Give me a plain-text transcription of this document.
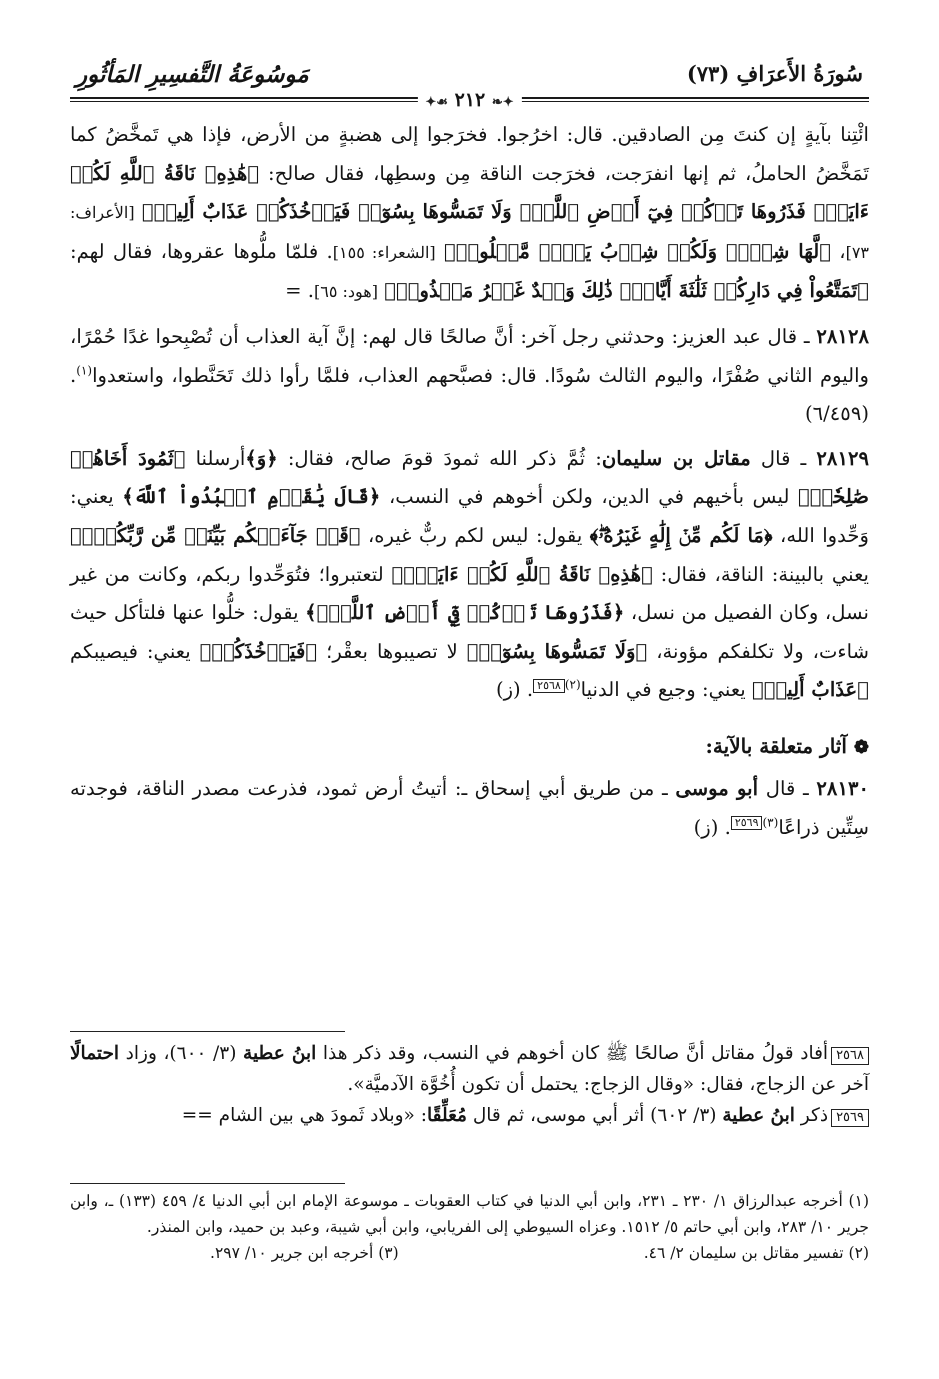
سُورَةُ الأَعرَافِ (٧٣)
مَوسُوعَةُ التَّفسِيرِ المَأثُورِ
✦❧ ٢١٢ ☙✦

ائْتِنا بآيةٍ إن كنتَ مِن الصادقين. قال: اخرُجوا. فخرَجوا إلى هضبةٍ من الأرض، فإذا هي تَمخَّضُ كما تَمَخَّضُ الحاملُ، ثم إنها انفرَجت، فخرَجت الناقة مِن وسطِها، فقال صالح: ﴿هَٰذِهِۦ نَاقَةُ ٱللَّهِ لَكُمۡ ءَايَةٗۖ فَذَرُوهَا تَأۡكُلۡ فِيٓ أَرۡضِ ٱللَّهِۖ وَلَا تَمَسُّوهَا بِسُوٓءٖ فَيَأۡخُذَكُمۡ عَذَابٌ أَلِيمٞ﴾ [الأعراف: ٧٣]، ﴿لَّهَا شِرۡبٞ وَلَكُمۡ شِرۡبُ يَوۡمٖ مَّعۡلُومٖ﴾ [الشعراء: ١٥٥]. فلمّا ملُّوها عقروها، فقال لهم: ﴿تَمَتَّعُواْ فِي دَارِكُمۡ ثَلَٰثَةَ أَيَّامٖۖ ذَٰلِكَ وَعۡدٌ غَيۡرُ مَكۡذُوبٖ﴾ [هود: ٦٥]. =

٢٨١٢٨ ـ قال عبد العزيز: وحدثني رجل آخر: أنَّ صالحًا قال لهم: إنَّ آية العذاب أن تُصْبِحوا غدًا حُمْرًا، واليوم الثاني صُفْرًا، واليوم الثالث سُودًا. قال: فصبَّحهم العذاب، فلمَّا رأوا ذلك تَحَنَّطوا، واستعدوا$^{(١)}$. (٦/٤٥٩)

٢٨١٢٩ ـ قال مقاتل بن سليمان: ثُمَّ ذكر الله ثمودَ قومَ صالح، فقال: ﴿وَ﴾أرسلنا ﴿ثَمُودَ أَخَاهُمۡ صَٰلِحٗاۚ﴾ ليس بأخيهم في الدين، ولكن أخوهم في النسب، ﴿قَالَ يَٰقَوۡمِ ٱعۡبُدُواْ ٱللَّهَ﴾ يعني: وَحِّدوا الله، ﴿مَا لَكُم مِّنۡ إِلَٰهٍ غَيۡرُهُۥۖ﴾ يقول: ليس لكم ربٌّ غيره، ﴿قَدۡ جَآءَتۡكُم بَيِّنَةٞ مِّن رَّبِّكُمۡۖ﴾ يعني بالبينة: الناقة، فقال: ﴿هَٰذِهِۦ نَاقَةُ ٱللَّهِ لَكُمۡ ءَايَةٗۖ﴾ لتعتبروا؛ فتُوَحِّدوا ربكم، وكانت من غير نسل، وكان الفصيل من نسل، ﴿فَذَرُوهَا تَأۡكُلۡ فِيٓ أَرۡضِ ٱللَّهِۖ﴾ يقول: خلُّوا عنها فلتأكل حيث شاءت، ولا تكلفكم مؤونة، ﴿وَلَا تَمَسُّوهَا بِسُوٓءٖ﴾ لا تصيبوها بعقْر؛ ﴿فَيَأۡخُذَكُمۡ﴾ يعني: فيصيبكم ﴿عَذَابٌ أَلِيمٞ﴾ يعني: وجيع في الدنيا$^{(٢)}$٢٥٦٨. (ز)

❁ آثار متعلقة بالآية:

٢٨١٣٠ ـ قال أبو موسى ـ من طريق أبي إسحاق ـ: أتيتُ أرض ثمود، فذرعت مصدر الناقة، فوجدته سِتِّين ذراعًا$^{(٣)}$٢٥٦٩. (ز)

٢٥٦٨أفاد قولُ مقاتل أنَّ صالحًا ﷺ كان أخوهم في النسب، وقد ذكر هذا ابنُ عطية (٣/ ٦٠٠)، وزاد احتمالًا آخر عن الزجاج، فقال: «وقال الزجاج: يحتمل أن تكون أُخُوَّة الآدميَّة».

٢٥٦٩ذكر ابنُ عطية (٣/ ٦٠٢) أثر أبي موسى، ثم قال مُعَلِّقًا: «وبلاد ثَمودَ هي بين الشام ==

(١) أخرجه عبدالرزاق ١/ ٢٣٠ ـ ٢٣١، وابن أبي الدنيا في كتاب العقوبات ـ موسوعة الإمام ابن أبي الدنيا ٤/ ٤٥٩ (١٣٣) ـ، وابن جرير ١٠/ ٢٨٣، وابن أبي حاتم ٥/ ١٥١٢. وعزاه السيوطي إلى الفريابي، وابن أبي شيبة، وعبد بن حميد، وابن المنذر.

(٢) تفسير مقاتل بن سليمان ٢/ ٤٦.
(٣) أخرجه ابن جرير ١٠/ ٢٩٧.
